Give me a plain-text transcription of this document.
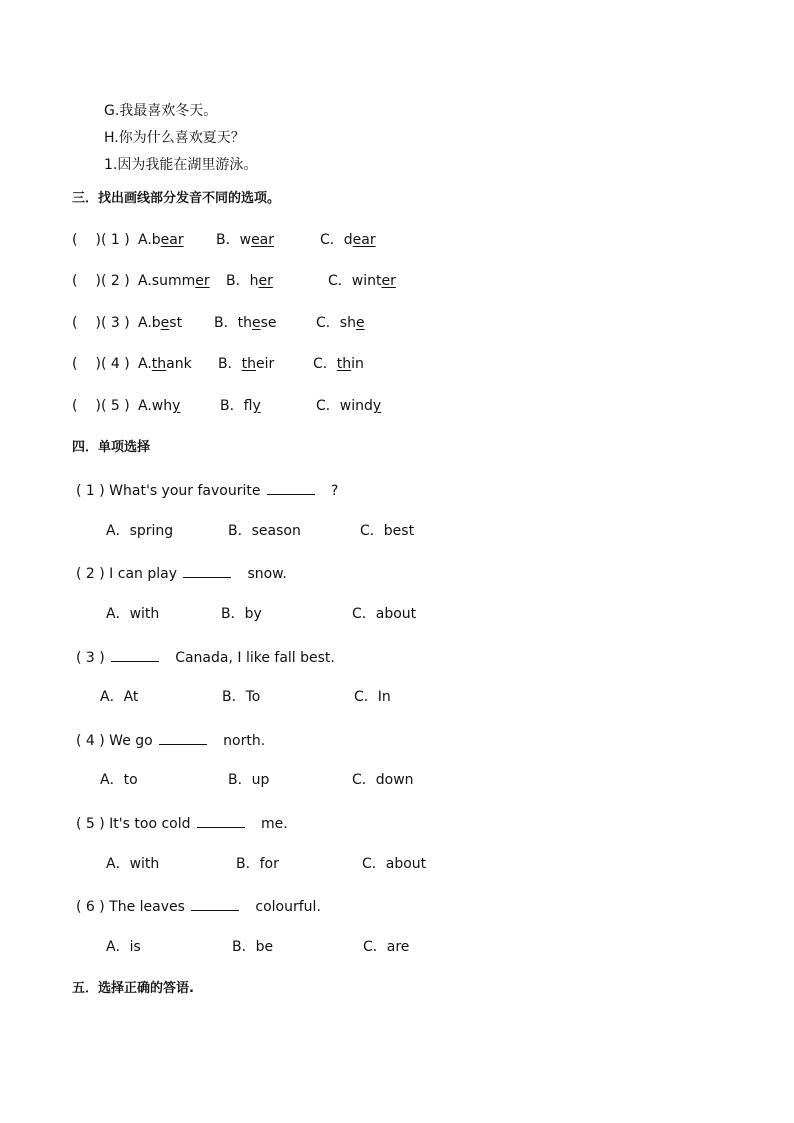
G.我最喜欢冬天。
H.你为什么喜欢夏天？
1.因为我能在湖里游泳。
三．找出画线部分发音不同的选项。
( )( 1 )
( )( 2 )
( )( 3 )
( )( 4 )
( )( 5 )
四．单项选择
五．选择正确的答语.
A.bear B．wear	C．dear
A.summer B．her	C．winter
A.best B．these	C．she
A.thank B．their	C．thin
A.why	B．fly	C．windy
( 1 ) What's your favourite	?
A．spring	B．season	C．best
( 2 ) I can play	snow.
A．with	B．by	C．about
( 3 )	Canada, I like fall best.
A．At	B．To	C．In
( 4 ) We go	north.
A．to	B．up	C．down
( 5 ) It's too cold	me.
A．with	B．for	C．about
( 6 ) The leaves	colourful.
A．is	B．be	C．are
